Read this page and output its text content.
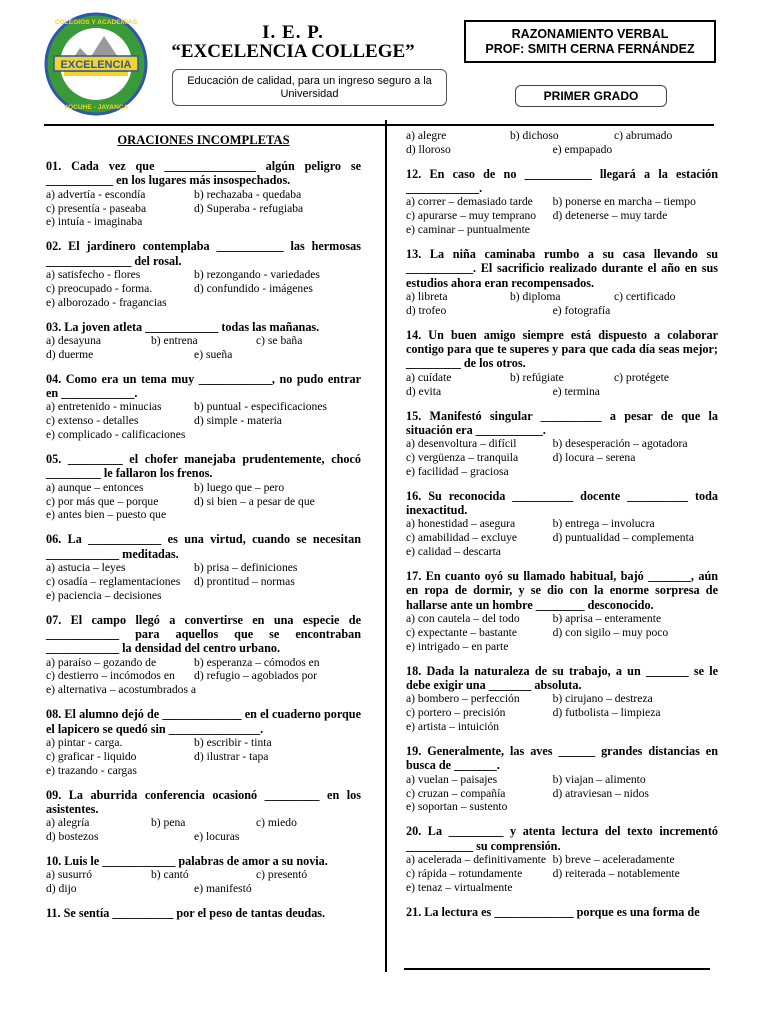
EXCELENCIA
COLEGIOS Y ACADEMIAS
YOCUHE - JAYANCA
I. E. P.
“EXCELENCIA COLLEGE”
Educación de calidad, para un ingreso seguro a la Universidad
RAZONAMIENTO VERBAL
PROF: SMITH CERNA FERNÁNDEZ
PRIMER GRADO
ORACIONES INCOMPLETAS
01. Cada vez que _______________ algún peligro se ___________ en los lugares más insospechados.
a) advertía - escondía	b) rechazaba - quedaba
c) presentía - paseaba	d) Superaba - refugiaba
e) intuía - imaginaba
02. El jardinero contemplaba ___________ las hermosas ______________ del rosal.
a) satisfecho - flores	b) rezongando - variedades
c) preocupado - forma.	d) confundido - imágenes
e) alborozado - fragancias
03. La joven atleta ____________ todas las mañanas.
a) desayuna	b) entrena	c) se baña
d) duerme	e) sueña
04. Como era un tema muy ____________, no pudo entrar en ____________.
a) entretenido - minucias	b) puntual - especificaciones
c) extenso - detalles	d) simple - materia
e) complicado - calificaciones
05. _________ el chofer manejaba prudentemente, chocó _________ le fallaron los frenos.
a) aunque – entonces	b) luego que – pero
c) por más que – porque	d) si bien – a pesar de que
e) antes bien – puesto que
06. La ____________ es una virtud, cuando se necesitan ____________ meditadas.
a) astucia – leyes	b) prisa – definiciones
c) osadía – reglamentaciones	d) prontitud – normas
e) paciencia – decisiones
07. El campo llegó a convertirse en una especie de ____________ para aquellos que se encontraban ____________ la densidad del centro urbano.
a) paraíso – gozando de	b) esperanza – cómodos en
c) destierro – incómodos en	d) refugio – agobiados por
e) alternativa – acostumbrados a
08. El alumno dejó de _____________ en el cuaderno porque el lapicero se quedó sin _______________.
a) pintar - carga.	b) escribir - tinta
c) graficar - liquido	d) ilustrar - tapa
e) trazando - cargas
09. La aburrida conferencia ocasionó _________ en los asistentes.
a) alegría	b) pena	c) miedo
d) bostezos	e) locuras
10. Luis le ____________ palabras de amor a su novia.
a) susurró	b) cantó	c) presentó
d) dijo	e) manifestó
11. Se sentía __________ por el peso de tantas deudas.
a) alegre	b) dichoso	c) abrumado
d) lloroso	e) empapado
12. En caso de no ___________ llegará a la estación ____________.
a) correr – demasiado tarde	b) ponerse en marcha – tiempo
c) apurarse – muy temprano	d) detenerse – muy tarde
e) caminar – puntualmente
13. La niña caminaba rumbo a su casa llevando su ___________. El sacrificio realizado durante el año en sus estudios ahora eran recompensados.
a) libreta	b) diploma	c) certificado
d) trofeo	e) fotografía
14. Un buen amigo siempre está dispuesto a colaborar contigo para que te superes y para que cada día seas mejor; _________ de los otros.
a) cuídate	b) refúgiate	c) protégete
d) evita	e) termina
15. Manifestó singular __________ a pesar de que la situación era ___________.
a) desenvoltura – difícil	b) desesperación – agotadora
c) vergüenza – tranquila	d) locura – serena
e) facilidad – graciosa
16. Su reconocida __________ docente __________ toda inexactitud.
a) honestidad – asegura	b) entrega – involucra
c) amabilidad – excluye	d) puntualidad – complementa
e) calidad – descarta
17. En cuanto oyó su llamado habitual, bajó _______, aún en ropa de dormir, y se dio con la enorme sorpresa de hallarse ante un hombre ________ desconocido.
a) con cautela – del todo	b) aprisa – enteramente
c) expectante – bastante	d) con sigilo – muy poco
e) intrigado – en parte
18. Dada la naturaleza de su trabajo, a un _______ se le debe exigir una _______ absoluta.
a) bombero – perfección	b) cirujano – destreza
c) portero – precisión	d) futbolista – limpieza
e) artista – intuición
19. Generalmente, las aves ______ grandes distancias en busca de _______.
a) vuelan – paisajes	b) viajan – alimento
c) cruzan – compañía	d) atraviesan – nidos
e) soportan – sustento
20. La _________ y atenta lectura del texto incrementó ___________ su comprensión.
a) acelerada – definitivamente b) breve – aceleradamente
c) rápida – rotundamente	d) reiterada – notablemente
e) tenaz – virtualmente
21. La lectura es _____________ porque es una forma de
